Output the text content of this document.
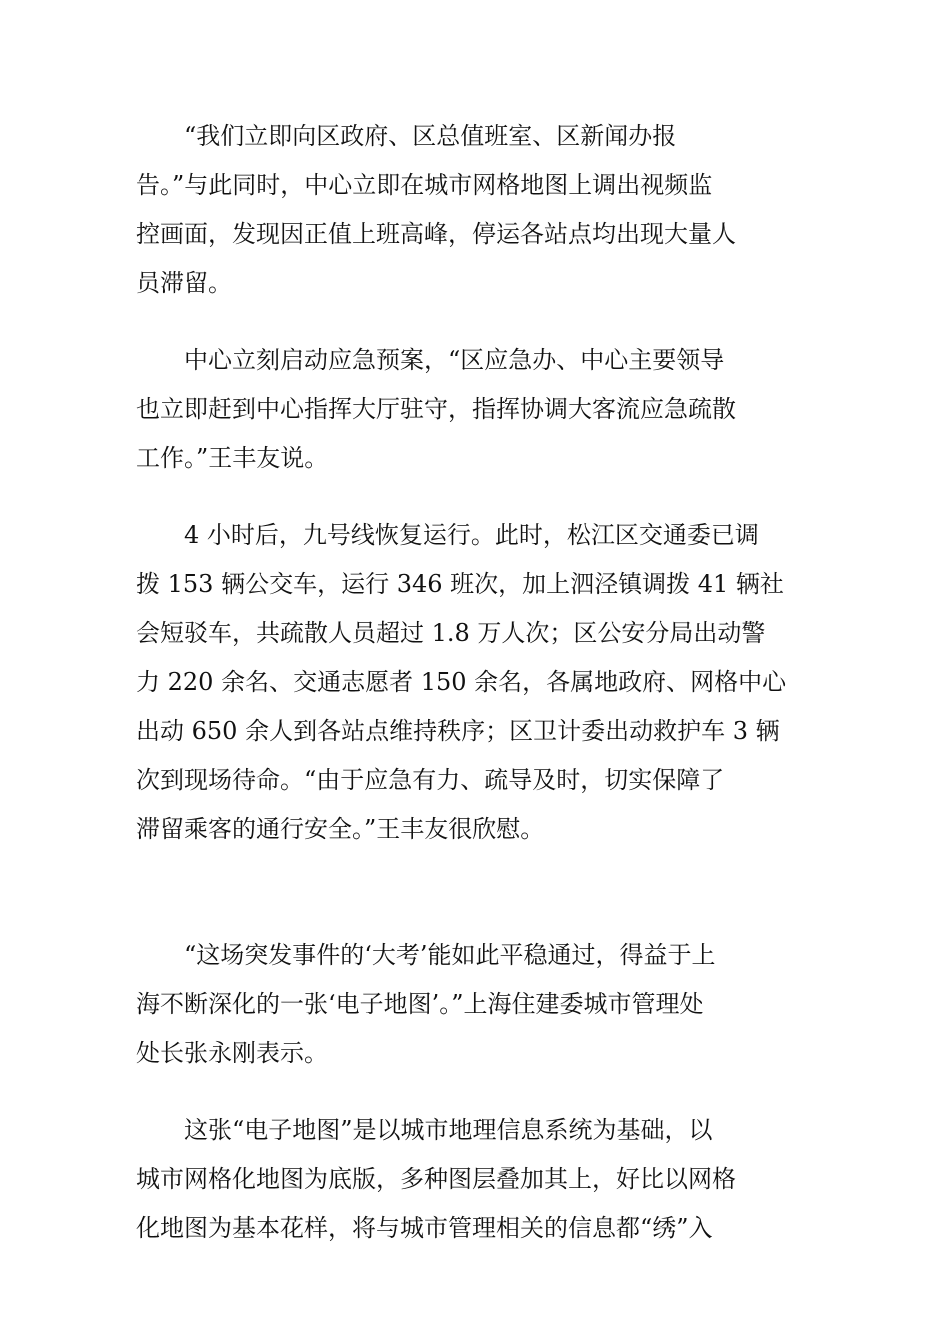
“我们立即向区政府、区总值班室、区新闻办报
告。”与此同时，中心立即在城市网格地图上调出视频监
控画面，发现因正值上班高峰，停运各站点均出现大量人
员滞留。
中心立刻启动应急预案，“区应急办、中心主要领导
也立即赶到中心指挥大厅驻守，指挥协调大客流应急疏散
工作。”王丰友说。
4 小时后，九号线恢复运行。此时，松江区交通委已调
拨 153 辆公交车，运行 346 班次，加上泗泾镇调拨 41 辆社
会短驳车，共疏散人员超过 1.8 万人次；区公安分局出动警
力 220 余名、交通志愿者 150 余名，各属地政府、网格中心
出动 650 余人到各站点维持秩序；区卫计委出动救护车 3 辆
次到现场待命。“由于应急有力、疏导及时，切实保障了
滞留乘客的通行安全。”王丰友很欣慰。
“这场突发事件的‘大考’能如此平稳通过，得益于上
海不断深化的一张‘电子地图’。”上海住建委城市管理处
处长张永刚表示。
这张“电子地图”是以城市地理信息系统为基础，以
城市网格化地图为底版，多种图层叠加其上，好比以网格
化地图为基本花样，将与城市管理相关的信息都“绣”入
